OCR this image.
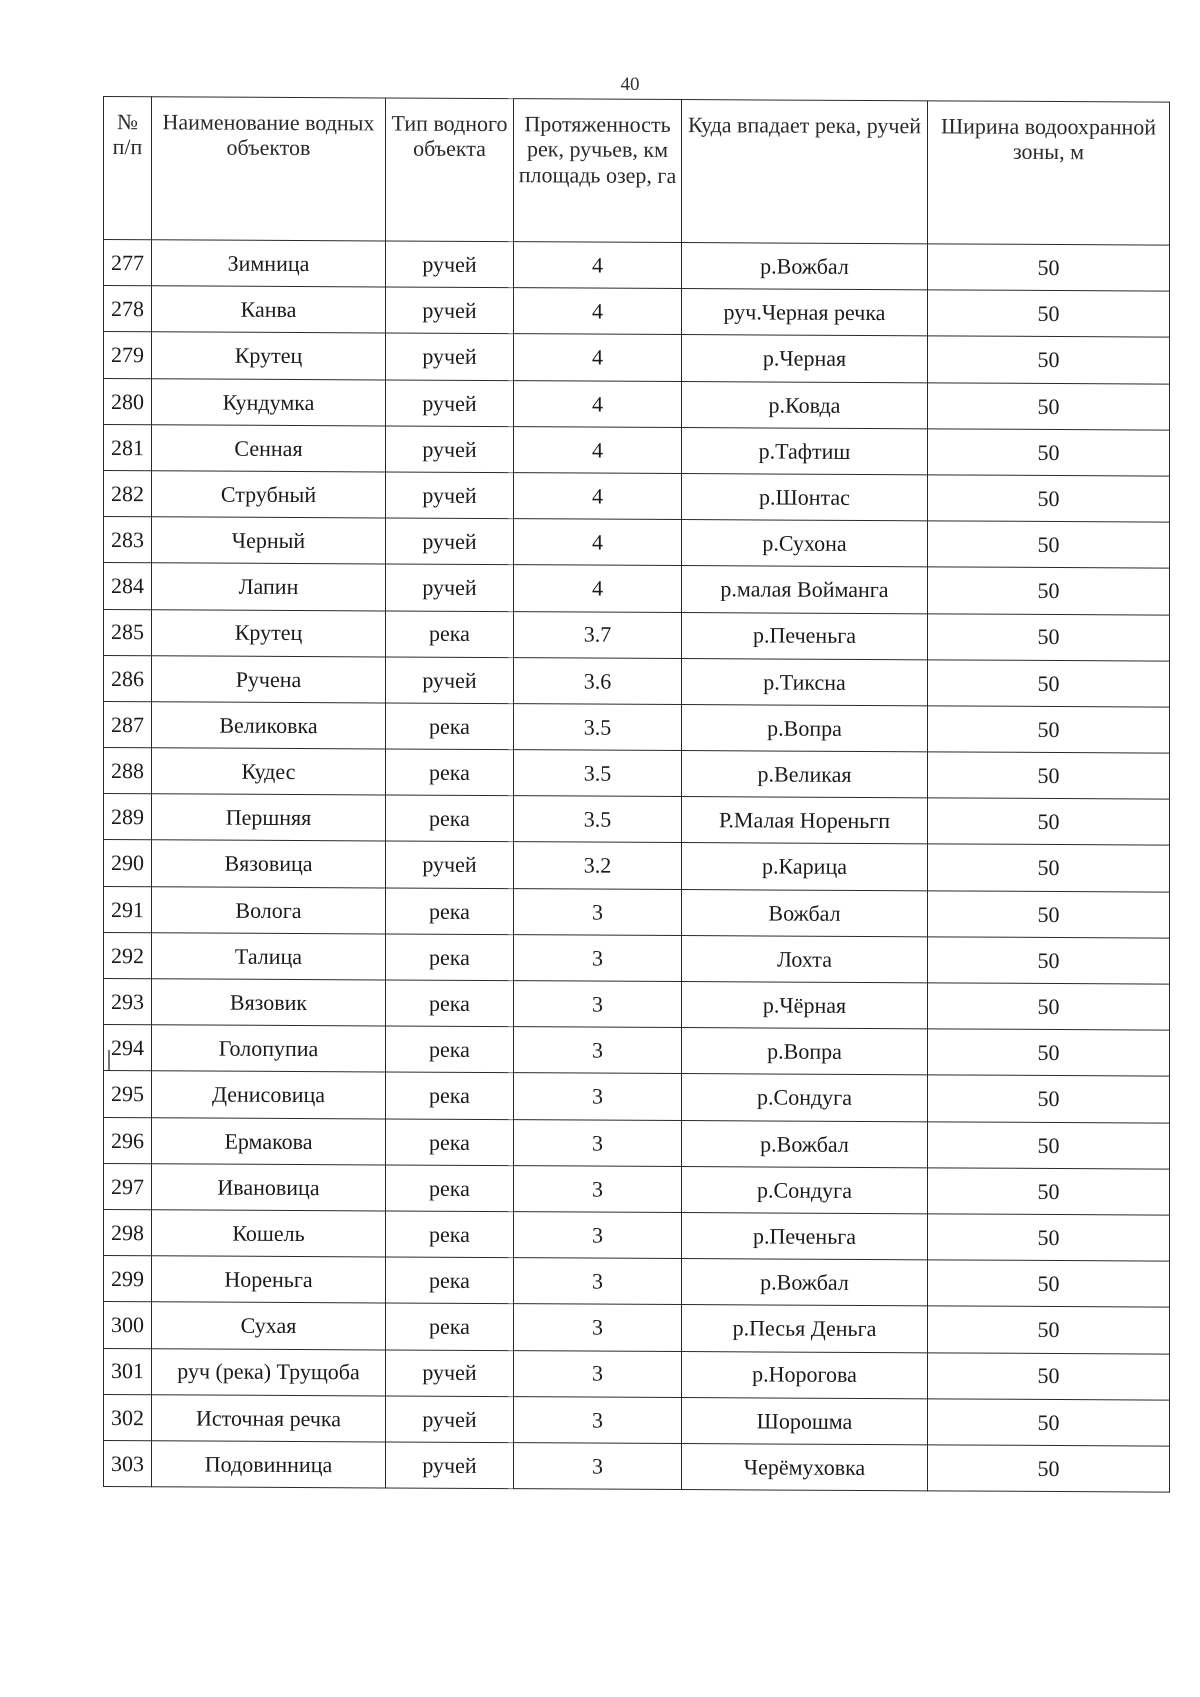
40
№ п/п	Наименование водных объектов	Тип водного объекта	Протяженность рек, ручьев, км площадь озер, га	Куда впадает река, ручей	Ширина водоохранной зоны, м
277	Зимница	ручей	4	р.Вожбал	50
278	Канва	ручей	4	руч.Черная речка	50
279	Крутец	ручей	4	р.Черная	50
280	Кундумка	ручей	4	р.Ковда	50
281	Сенная	ручей	4	р.Тафтиш	50
282	Струбный	ручей	4	р.Шонтас	50
283	Черный	ручей	4	р.Сухона	50
284	Лапин	ручей	4	р.малая Войманга	50
285	Крутец	река	3.7	р.Печеньга	50
286	Ручена	ручей	3.6	р.Тиксна	50
287	Великовка	река	3.5	р.Вопра	50
288	Кудес	река	3.5	р.Великая	50
289	Першняя	река	3.5	Р.Малая Нореньгп	50
290	Вязовица	ручей	3.2	р.Карица	50
291	Вологa	река	3	Вожбал	50
292	Талица	река	3	Лохта	50
293	Вязовик	река	3	р.Чёрная	50
294	Голопупиа	река	3	р.Вопра	50
295	Денисовица	река	3	р.Сондуга	50
296	Ермакова	река	3	р.Вожбал	50
297	Ивановица	река	3	р.Сондуга	50
298	Кошель	река	3	р.Печеньга	50
299	Нореньга	река	3	р.Вожбал	50
300	Сухая	река	3	р.Песья Деньга	50
301	руч (река) Трущоба	ручей	3	р.Норогова	50
302	Источная речка	ручей	3	Шорошма	50
303	Подовинница	ручей	3	Черёмуховка	50
